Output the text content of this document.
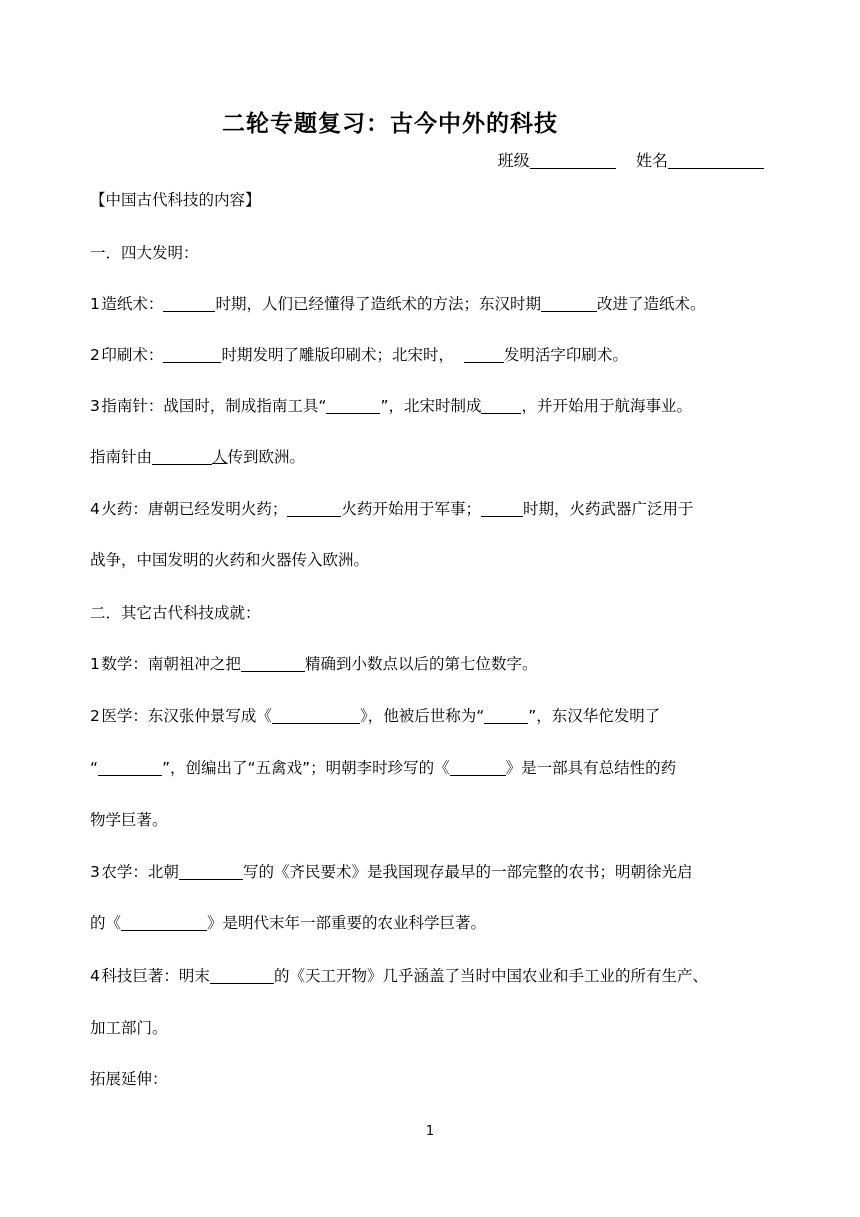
二轮专题复习：古今中外的科技
班级	姓名
【中国古代科技的内容】
一．四大发明：
1 造纸术：	时期，人们已经懂得了造纸术的方法；东汉时期	改进了造纸术。
2 印刷术：	时期发明了雕版印刷术；北宋时，	发明活字印刷术。
3 指南针：战国时，制成指南工具“	”，北宋时制成	，并开始用于航海事业。
指南针由	人传到欧洲。
4 火药：唐朝已经发明火药；	火药开始用于军事；	时期，火药武器广泛用于
战争，中国发明的火药和火器传入欧洲。
二．其它古代科技成就：
1 数学：南朝祖冲之把	精确到小数点以后的第七位数字。
2 医学：东汉张仲景写成《	》，他被后世称为“	”，东汉华佗发明了
“	”，创编出了“五禽戏”；明朝李时珍写的《	》是一部具有总结性的药
物学巨著。
3 农学：北朝	写的《齐民要术》是我国现存最早的一部完整的农书；明朝徐光启
的《	》是明代末年一部重要的农业科学巨著。
4 科技巨著：明末	的《天工开物》几乎涵盖了当时中国农业和手工业的所有生产、
加工部门。
拓展延伸：
1
